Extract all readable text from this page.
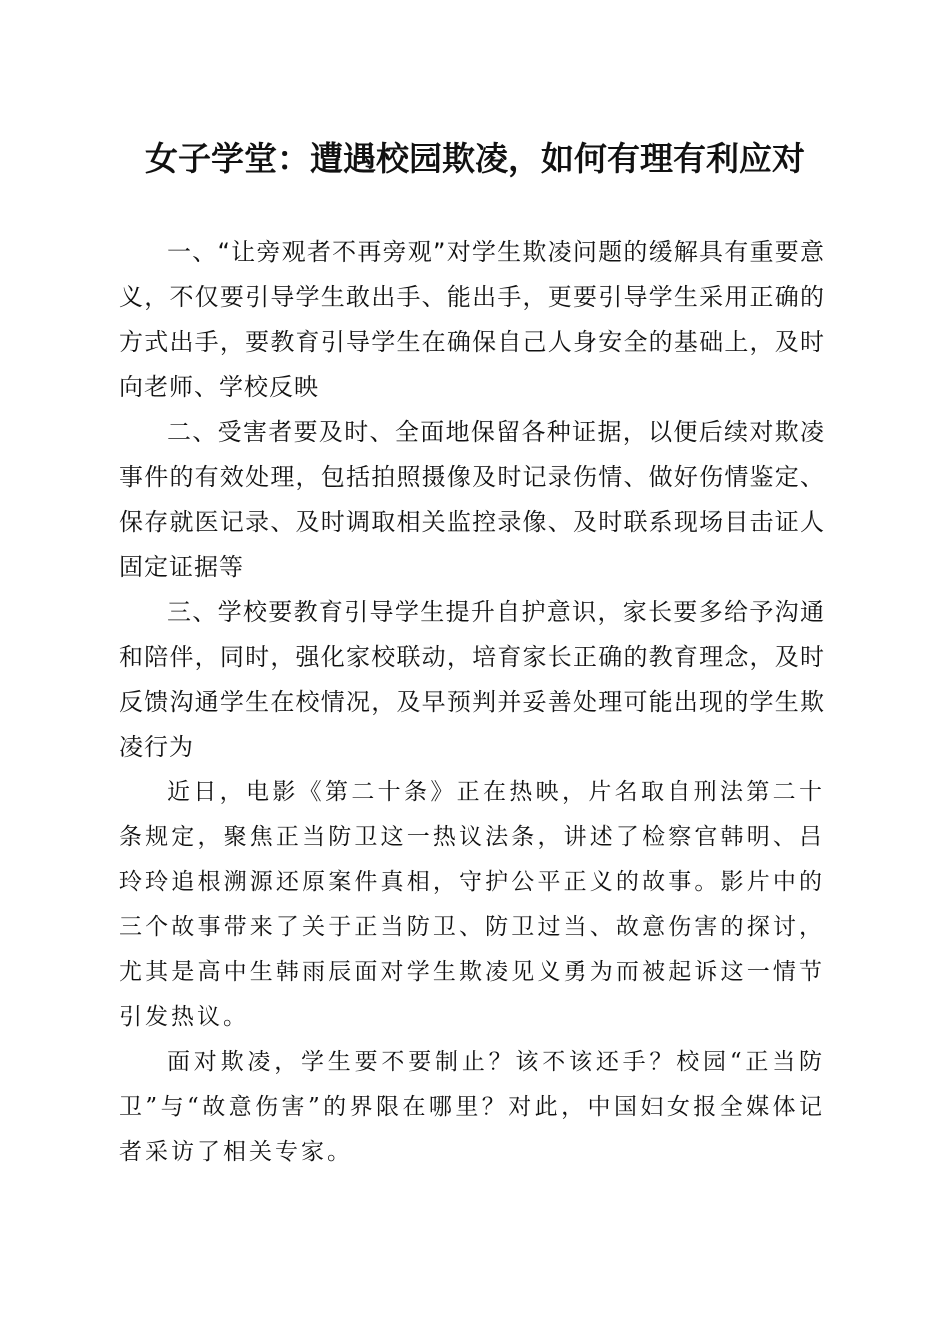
女子学堂：遭遇校园欺凌，如何有理有利应对

一、“让旁观者不再旁观”对学生欺凌问题的缓解具有重要意义，不仅要引导学生敢出手、能出手，更要引导学生采用正确的方式出手，要教育引导学生在确保自己人身安全的基础上，及时向老师、学校反映

二、受害者要及时、全面地保留各种证据，以便后续对欺凌事件的有效处理，包括拍照摄像及时记录伤情、做好伤情鉴定、保存就医记录、及时调取相关监控录像、及时联系现场目击证人固定证据等

三、学校要教育引导学生提升自护意识，家长要多给予沟通和陪伴，同时，强化家校联动，培育家长正确的教育理念，及时反馈沟通学生在校情况，及早预判并妥善处理可能出现的学生欺凌行为

近日，电影《第二十条》正在热映，片名取自刑法第二十条规定，聚焦正当防卫这一热议法条，讲述了检察官韩明、吕玲玲追根溯源还原案件真相，守护公平正义的故事。影片中的三个故事带来了关于正当防卫、防卫过当、故意伤害的探讨，尤其是高中生韩雨辰面对学生欺凌见义勇为而被起诉这一情节引发热议。

面对欺凌，学生要不要制止？该不该还手？校园“正当防卫”与“故意伤害”的界限在哪里？对此，中国妇女报全媒体记者采访了相关专家。
